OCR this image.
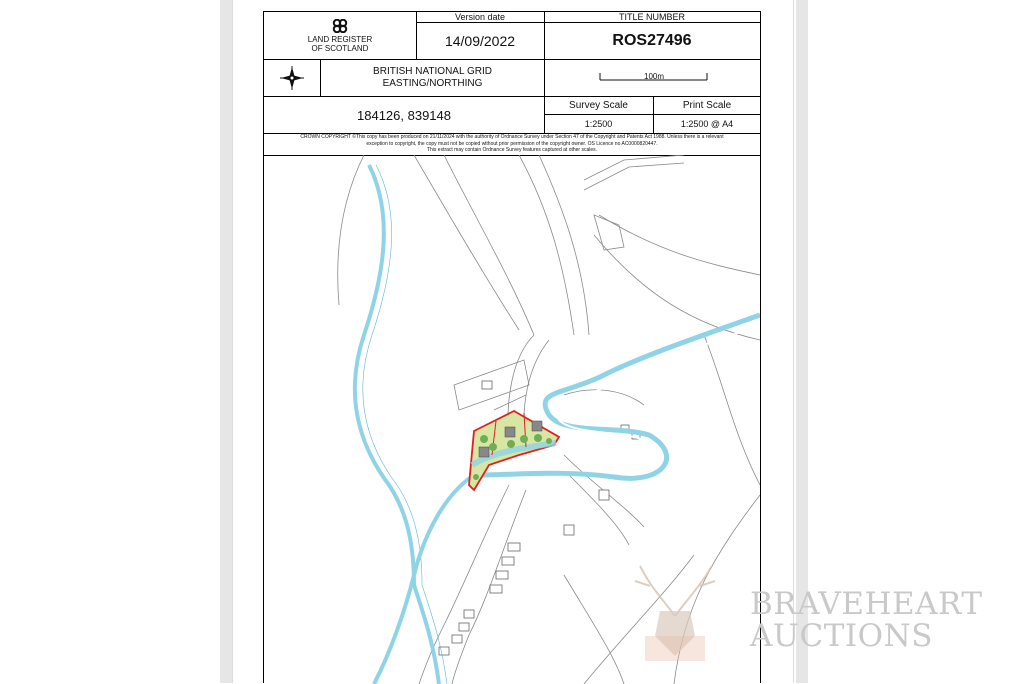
LAND REGISTER
OF SCOTLAND
Version date
14/09/2022
TITLE NUMBER
ROS27496
BRITISH NATIONAL GRID
EASTING/NORTHING
100m
184126, 839148
Survey Scale	Print Scale
1:2500	1:2500 @ A4
CROWN COPYRIGHT ©This copy has been produced on 21/11/2024 with the authority of Ordnance Survey under Section 47 of the Copyright and Patents Act 1988. Unless there is a relevant
exception to copyright, the copy must not be copied without prior permission of the copyright owner. OS Licence no AC0000820447.
This extract may contain Ordnance Survey features captured at other scales.
BRAVEHEART
AUCTIONS
